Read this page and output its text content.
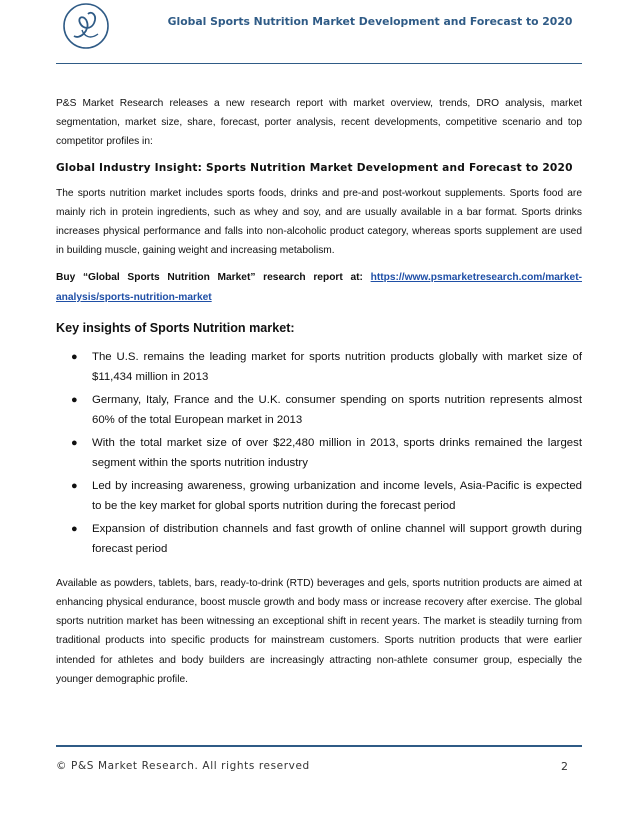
Global Sports Nutrition Market Development and Forecast to 2020

P&S Market Research releases a new research report with market overview, trends, DRO analysis, market segmentation, market size, share, forecast, porter analysis, recent developments, competitive scenario and top competitor profiles in:

Global Industry Insight: Sports Nutrition Market Development and Forecast to 2020

The sports nutrition market includes sports foods, drinks and pre-and post-workout supplements. Sports food are mainly rich in protein ingredients, such as whey and soy, and are usually available in a bar format. Sports drinks increases physical performance and falls into non-alcoholic product category, whereas sports supplement are used in building muscle, gaining weight and increasing metabolism.

Buy “Global Sports Nutrition Market” research report at: https://www.psmarketresearch.com/market-analysis/sports-nutrition-market

Key insights of Sports Nutrition market:
● The U.S. remains the leading market for sports nutrition products globally with market size of $11,434 million in 2013
● Germany, Italy, France and the U.K. consumer spending on sports nutrition represents almost 60% of the total European market in 2013
● With the total market size of over $22,480 million in 2013, sports drinks remained the largest segment within the sports nutrition industry
● Led by increasing awareness, growing urbanization and income levels, Asia-Pacific is expected to be the key market for global sports nutrition during the forecast period
● Expansion of distribution channels and fast growth of online channel will support growth during forecast period

Available as powders, tablets, bars, ready-to-drink (RTD) beverages and gels, sports nutrition products are aimed at enhancing physical endurance, boost muscle growth and body mass or increase recovery after exercise. The global sports nutrition market has been witnessing an exceptional shift in recent years. The market is steadily turning from traditional products into specific products for mainstream customers. Sports nutrition products that were earlier intended for athletes and body builders are increasingly attracting non-athlete consumer group, especially the younger demographic profile.

© P&S Market Research. All rights reserved	2
